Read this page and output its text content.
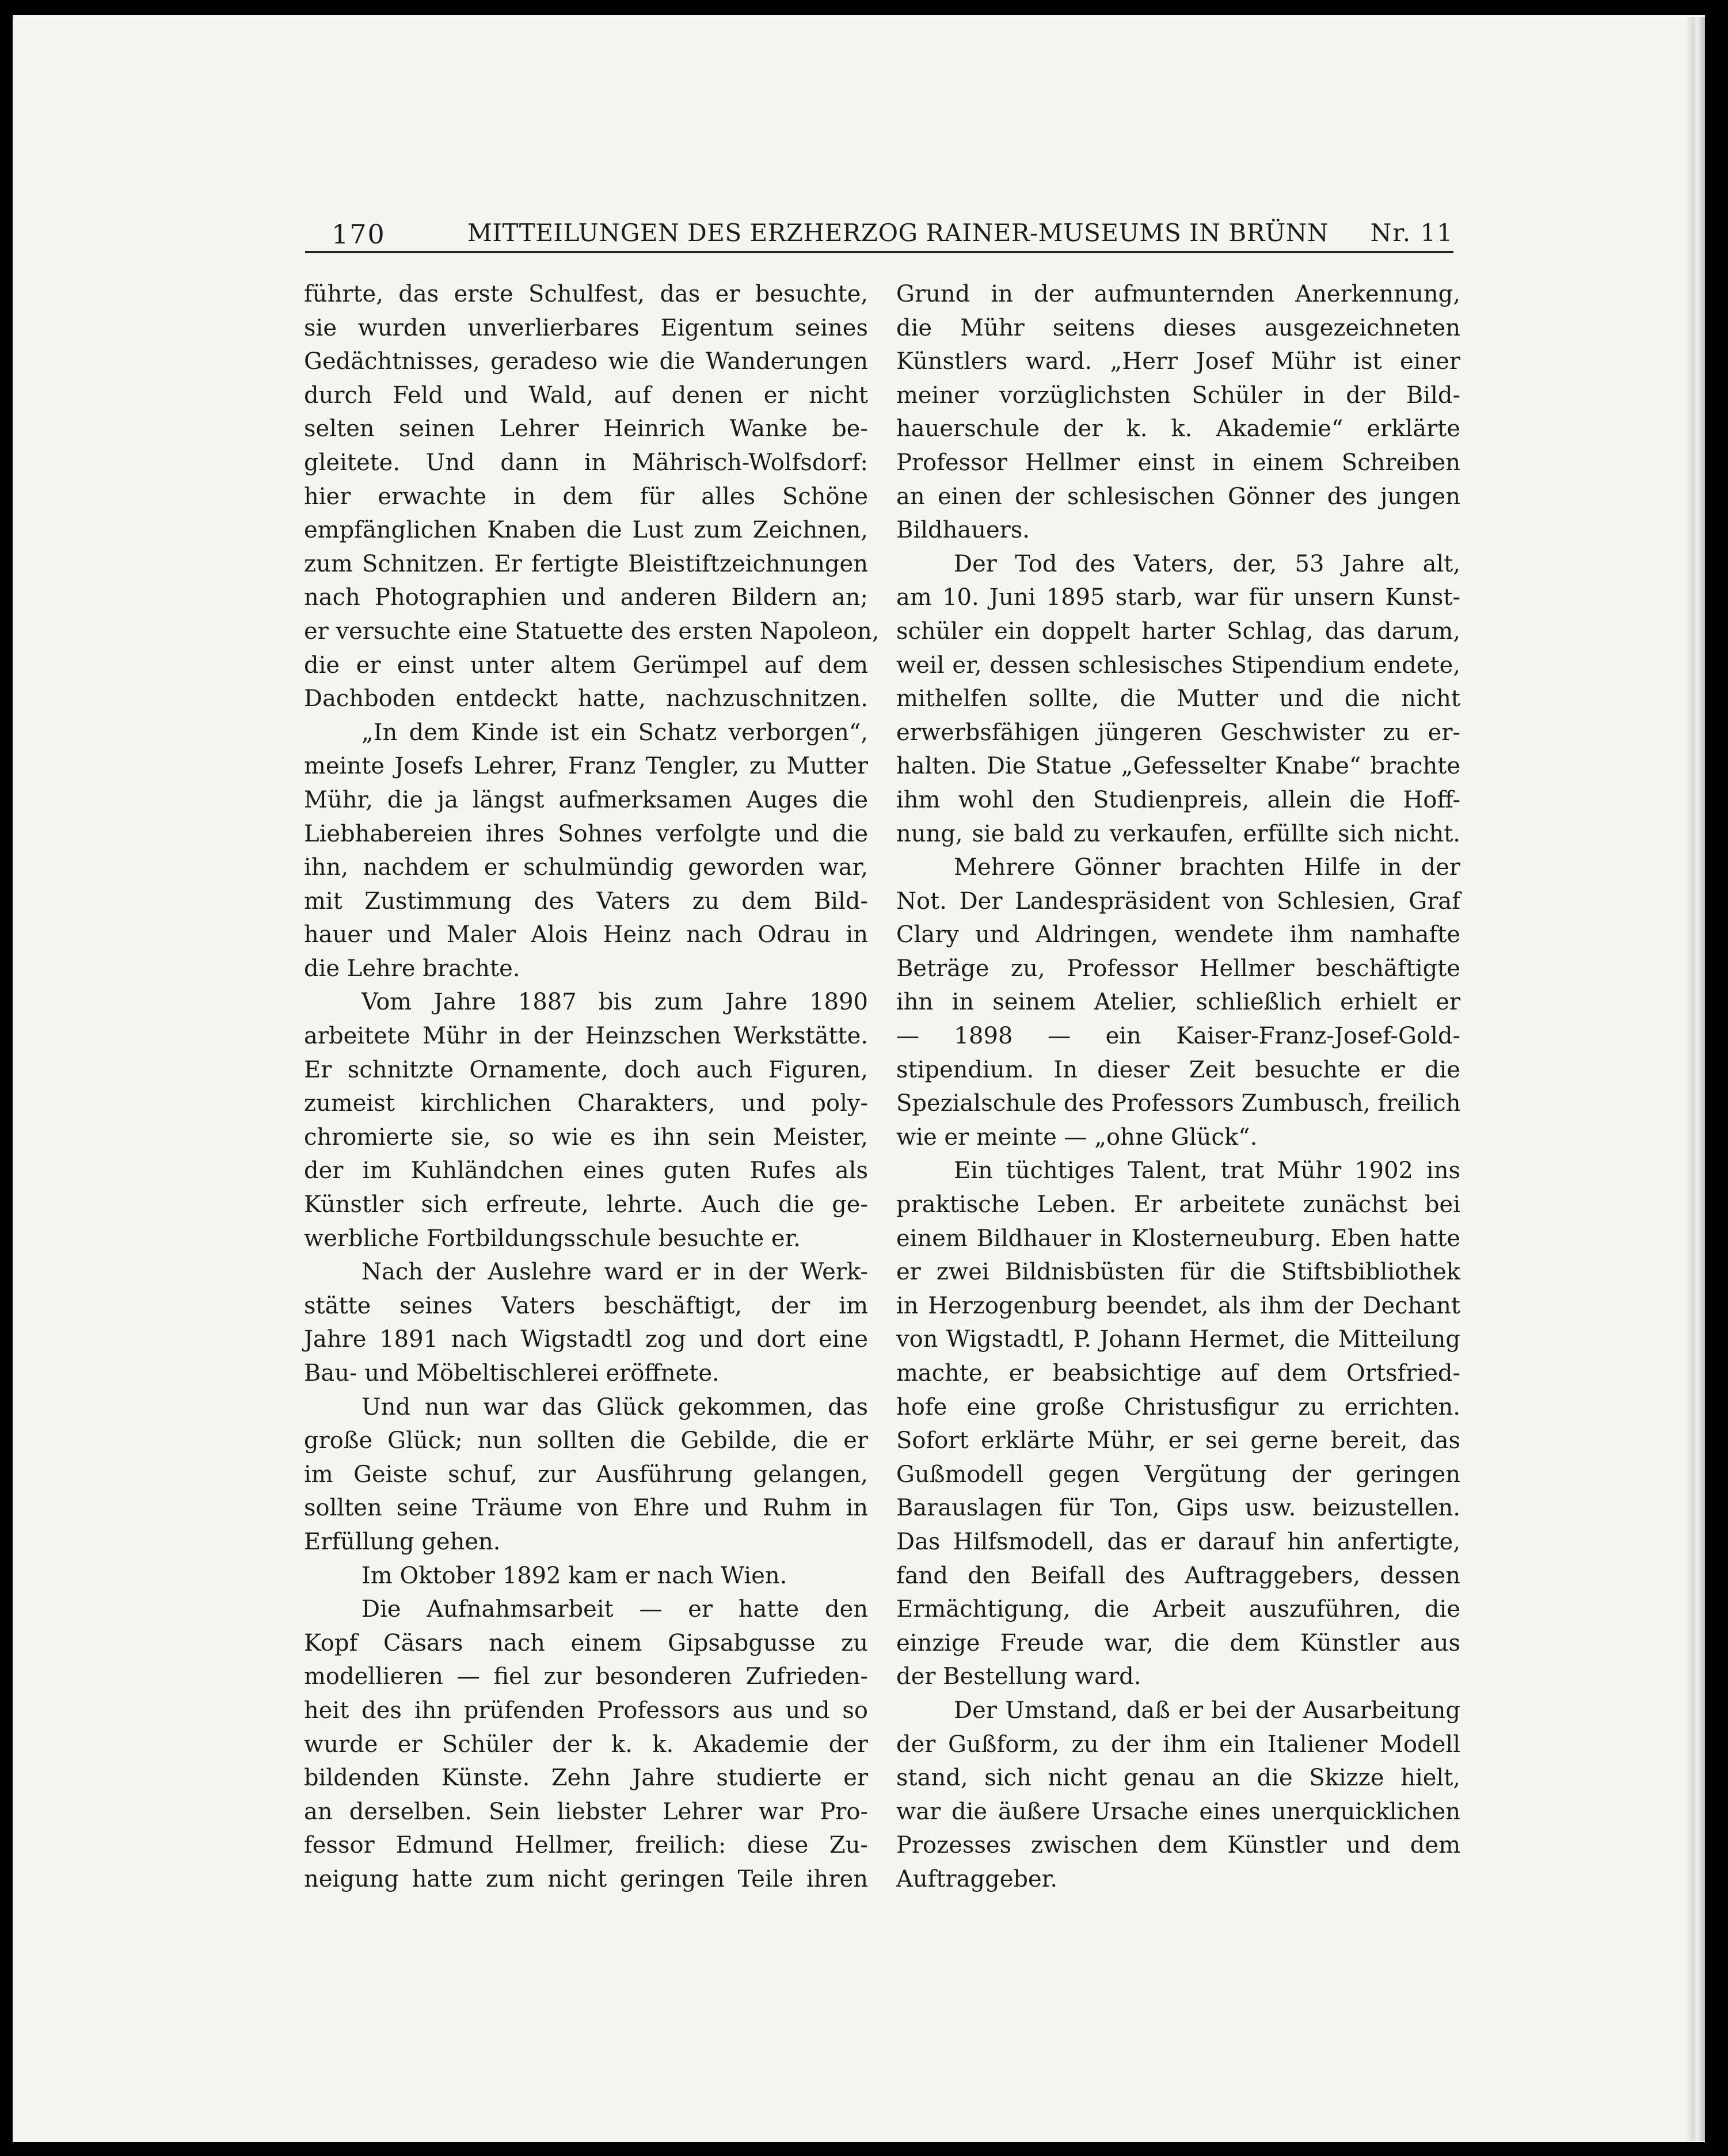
170	MITTEILUNGEN DES ERZHERZOG RAINER-MUSEUMS IN BRÜNN Nr. 11
führte, das erste Schulfest, das er besuchte,
sie wurden unverlierbares Eigentum seines
Gedächtnisses, geradeso wie die Wanderungen
durch Feld und Wald, auf denen er nicht
selten seinen Lehrer Heinrich Wanke be-
gleitete. Und dann in Mährisch-Wolfsdorf:
hier erwachte in dem für alles Schöne
empfänglichen Knaben die Lust zum Zeichnen,
zum Schnitzen. Er fertigte Bleistiftzeichnungen
nach Photographien und anderen Bildern an;
er versuchte eine Statuette des ersten Napoleon,
die er einst unter altem Gerümpel auf dem
Dachboden entdeckt hatte, nachzuschnitzen.
„In dem Kinde ist ein Schatz verborgen“,
meinte Josefs Lehrer, Franz Tengler, zu Mutter
Mühr, die ja längst aufmerksamen Auges die
Liebhabereien ihres Sohnes verfolgte und die
ihn, nachdem er schulmündig geworden war,
mit Zustimmung des Vaters zu dem Bild-
hauer und Maler Alois Heinz nach Odrau in
die Lehre brachte.
Vom Jahre 1887 bis zum Jahre 1890
arbeitete Mühr in der Heinzschen Werkstätte.
Er schnitzte Ornamente, doch auch Figuren,
zumeist kirchlichen Charakters, und poly-
chromierte sie, so wie es ihn sein Meister,
der im Kuhländchen eines guten Rufes als
Künstler sich erfreute, lehrte. Auch die ge-
werbliche Fortbildungsschule besuchte er.
Nach der Auslehre ward er in der Werk-
stätte seines Vaters beschäftigt, der im
Jahre 1891 nach Wigstadtl zog und dort eine
Bau- und Möbeltischlerei eröffnete.
Und nun war das Glück gekommen, das
große Glück; nun sollten die Gebilde, die er
im Geiste schuf, zur Ausführung gelangen,
sollten seine Träume von Ehre und Ruhm in
Erfüllung gehen.
Im Oktober 1892 kam er nach Wien.
Die Aufnahmsarbeit — er hatte den
Kopf Cäsars nach einem Gipsabgusse zu
modellieren — fiel zur besonderen Zufrieden-
heit des ihn prüfenden Professors aus und so
wurde er Schüler der k. k. Akademie der
bildenden Künste. Zehn Jahre studierte er
an derselben. Sein liebster Lehrer war Pro-
fessor Edmund Hellmer, freilich: diese Zu-
neigung hatte zum nicht geringen Teile ihren
Grund in der aufmunternden Anerkennung,
die Mühr seitens dieses ausgezeichneten
Künstlers ward. „Herr Josef Mühr ist einer
meiner vorzüglichsten Schüler in der Bild-
hauerschule der k. k. Akademie“ erklärte
Professor Hellmer einst in einem Schreiben
an einen der schlesischen Gönner des jungen
Bildhauers.
Der Tod des Vaters, der, 53 Jahre alt,
am 10. Juni 1895 starb, war für unsern Kunst-
schüler ein doppelt harter Schlag, das darum,
weil er, dessen schlesisches Stipendium endete,
mithelfen sollte, die Mutter und die nicht
erwerbsfähigen jüngeren Geschwister zu er-
halten. Die Statue „Gefesselter Knabe“ brachte
ihm wohl den Studienpreis, allein die Hoff-
nung, sie bald zu verkaufen, erfüllte sich nicht.
Mehrere Gönner brachten Hilfe in der
Not. Der Landespräsident von Schlesien, Graf
Clary und Aldringen, wendete ihm namhafte
Beträge zu, Professor Hellmer beschäftigte
ihn in seinem Atelier, schließlich erhielt er
— 1898 — ein Kaiser-Franz-Josef-Gold-
stipendium. In dieser Zeit besuchte er die
Spezialschule des Professors Zumbusch, freilich
wie er meinte — „ohne Glück“.
Ein tüchtiges Talent, trat Mühr 1902 ins
praktische Leben. Er arbeitete zunächst bei
einem Bildhauer in Klosterneuburg. Eben hatte
er zwei Bildnisbüsten für die Stiftsbibliothek
in Herzogenburg beendet, als ihm der Dechant
von Wigstadtl, P. Johann Hermet, die Mitteilung
machte, er beabsichtige auf dem Ortsfried-
hofe eine große Christusfigur zu errichten.
Sofort erklärte Mühr, er sei gerne bereit, das
Gußmodell gegen Vergütung der geringen
Barauslagen für Ton, Gips usw. beizustellen.
Das Hilfsmodell, das er darauf hin anfertigte,
fand den Beifall des Auftraggebers, dessen
Ermächtigung, die Arbeit auszuführen, die
einzige Freude war, die dem Künstler aus
der Bestellung ward.
Der Umstand, daß er bei der Ausarbeitung
der Gußform, zu der ihm ein Italiener Modell
stand, sich nicht genau an die Skizze hielt,
war die äußere Ursache eines unerquicklichen
Prozesses zwischen dem Künstler und dem
Auftraggeber.
